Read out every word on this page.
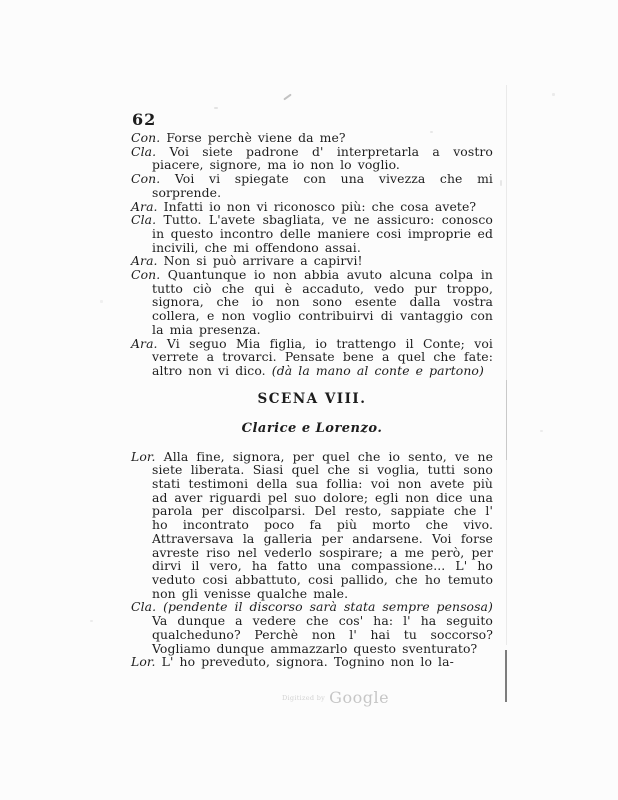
62

Con. Forse perchè viene da me?

Cla. Voi siete padrone d' interpretarla a vostro piacere, signore, ma io non lo voglio.

Con. Voi vi spiegate con una vivezza che mi sorprende.

Ara. Infatti io non vi riconosco più: che cosa avete?

Cla. Tutto. L'avete sbagliata, ve ne assicuro: conosco in questo incontro delle maniere cosi improprie ed incivili, che mi offendono assai.

Ara. Non si può arrivare a capirvi!

Con. Quantunque io non abbia avuto alcuna colpa in tutto ciò che qui è accaduto, vedo pur troppo, signora, che io non sono esente dalla vostra collera, e non voglio contribuirvi di vantaggio con la mia presenza.

Ara. Vi seguo Mia figlia, io trattengo il Conte; voi verrete a trovarci. Pensate bene a quel che fate: altro non vi dico. (dà la mano al conte e partono)

SCENA VIII.
Clarice e Lorenzo.

Lor. Alla fine, signora, per quel che io sento, ve ne siete liberata. Siasi quel che si voglia, tutti sono stati testimoni della sua follia: voi non avete più ad aver riguardi pel suo dolore; egli non dice una parola per discolparsi. Del resto, sappiate che l' ho incontrato poco fa più morto che vivo. Attraversava la galleria per andarsene. Voi forse avreste riso nel vederlo sospirare; a me però, per dirvi il vero, ha fatto una compassione... L' ho veduto cosi abbattuto, cosi pallido, che ho temuto non gli venisse qualche male.

Cla. (pendente il discorso sarà stata sempre pensosa) Va dunque a vedere che cos' ha: l' ha seguito qualcheduno? Perchè non l' hai tu soccorso? Vogliamo dunque ammazzarlo questo sventurato?

Lor. L' ho preveduto, signora. Tognino non lo la-

Digitized by Google
